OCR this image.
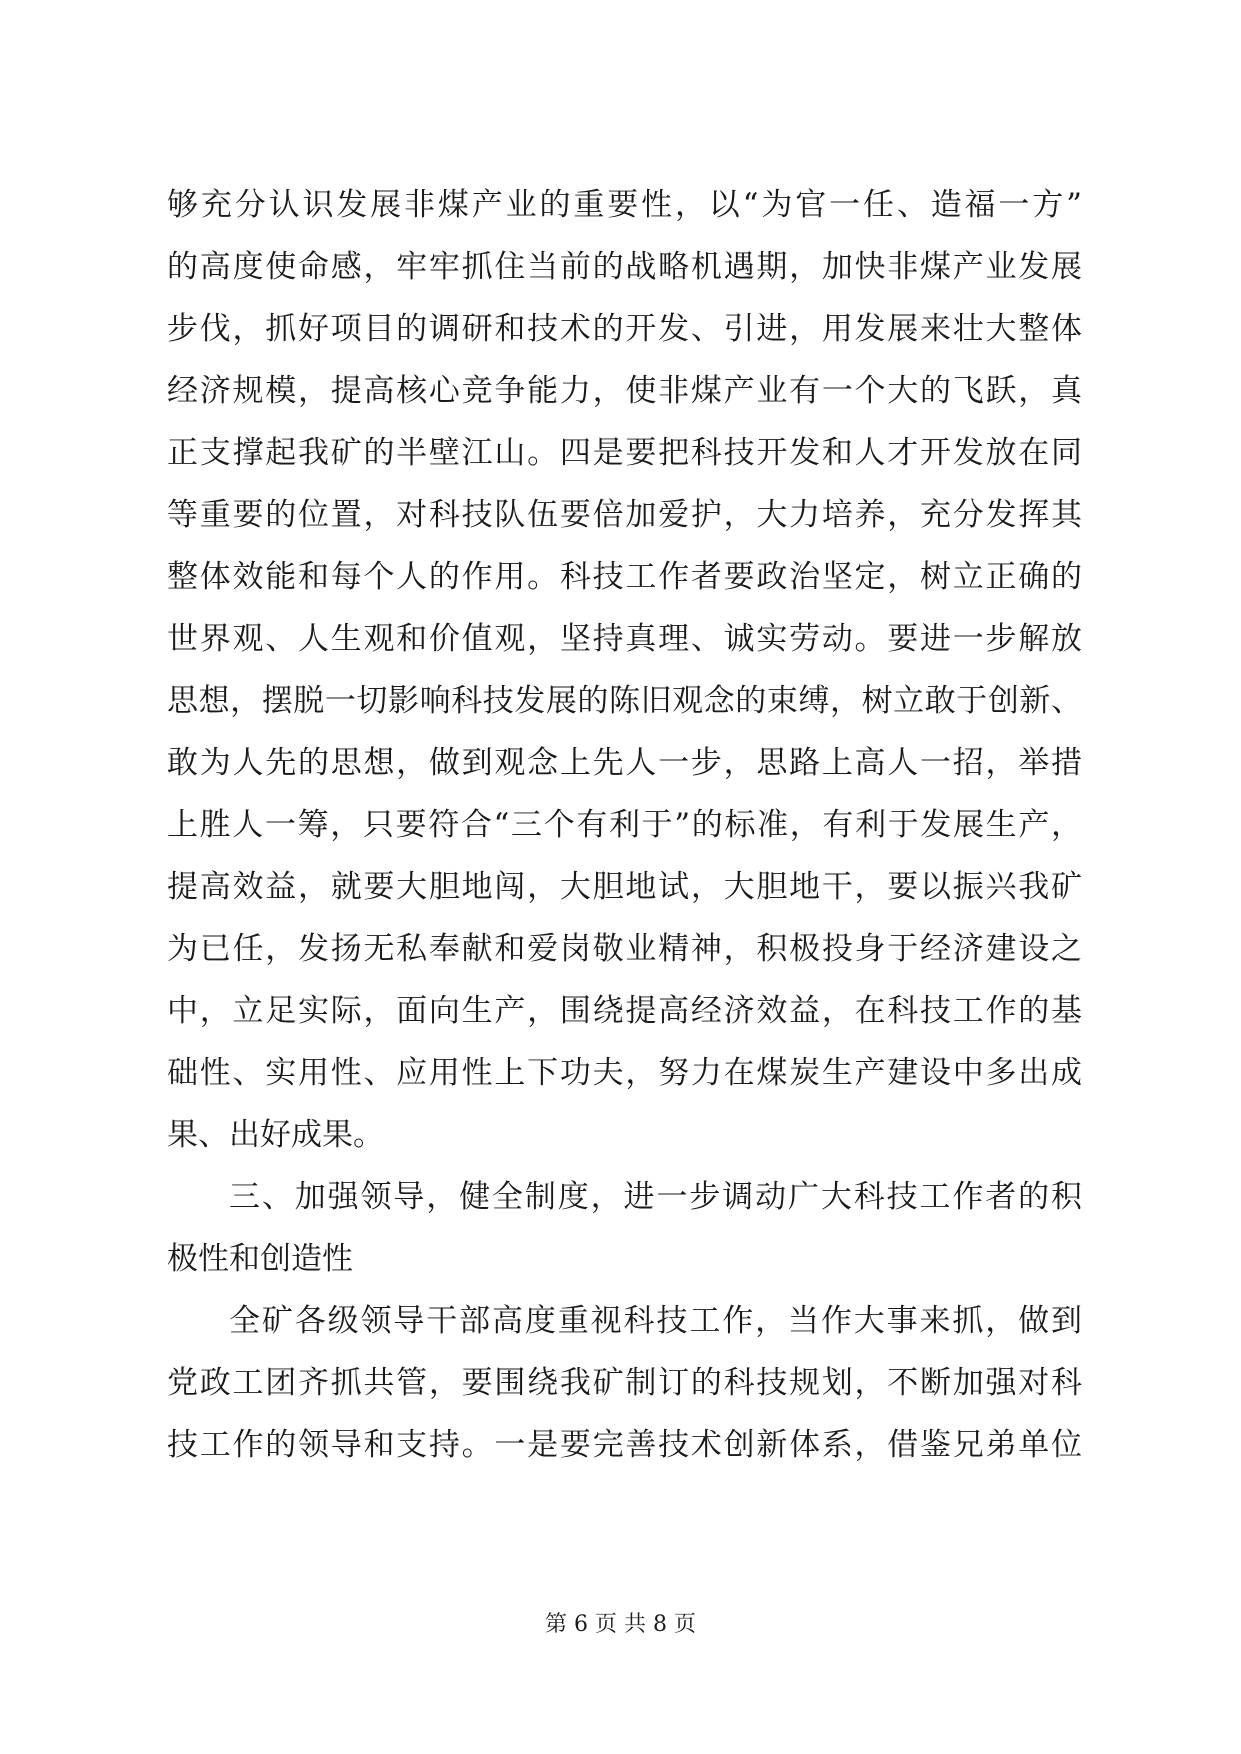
够充分认识发展非煤产业的重要性，以“为官一任、造福一方”
的高度使命感，牢牢抓住当前的战略机遇期，加快非煤产业发展
步伐，抓好项目的调研和技术的开发、引进，用发展来壮大整体
经济规模，提高核心竞争能力，使非煤产业有一个大的飞跃，真
正支撑起我矿的半壁江山。四是要把科技开发和人才开发放在同
等重要的位置，对科技队伍要倍加爱护，大力培养，充分发挥其
整体效能和每个人的作用。科技工作者要政治坚定，树立正确的
世界观、人生观和价值观，坚持真理、诚实劳动。要进一步解放
思想，摆脱一切影响科技发展的陈旧观念的束缚，树立敢于创新、
敢为人先的思想，做到观念上先人一步，思路上高人一招，举措
上胜人一筹，只要符合“三个有利于”的标准，有利于发展生产，
提高效益，就要大胆地闯，大胆地试，大胆地干，要以振兴我矿
为已任，发扬无私奉献和爱岗敬业精神，积极投身于经济建设之
中，立足实际，面向生产，围绕提高经济效益，在科技工作的基
础性、实用性、应用性上下功夫，努力在煤炭生产建设中多出成
果、出好成果。
三、加强领导，健全制度，进一步调动广大科技工作者的积
极性和创造性
全矿各级领导干部高度重视科技工作，当作大事来抓，做到
党政工团齐抓共管，要围绕我矿制订的科技规划，不断加强对科
技工作的领导和支持。一是要完善技术创新体系，借鉴兄弟单位
第 6 页 共 8 页
